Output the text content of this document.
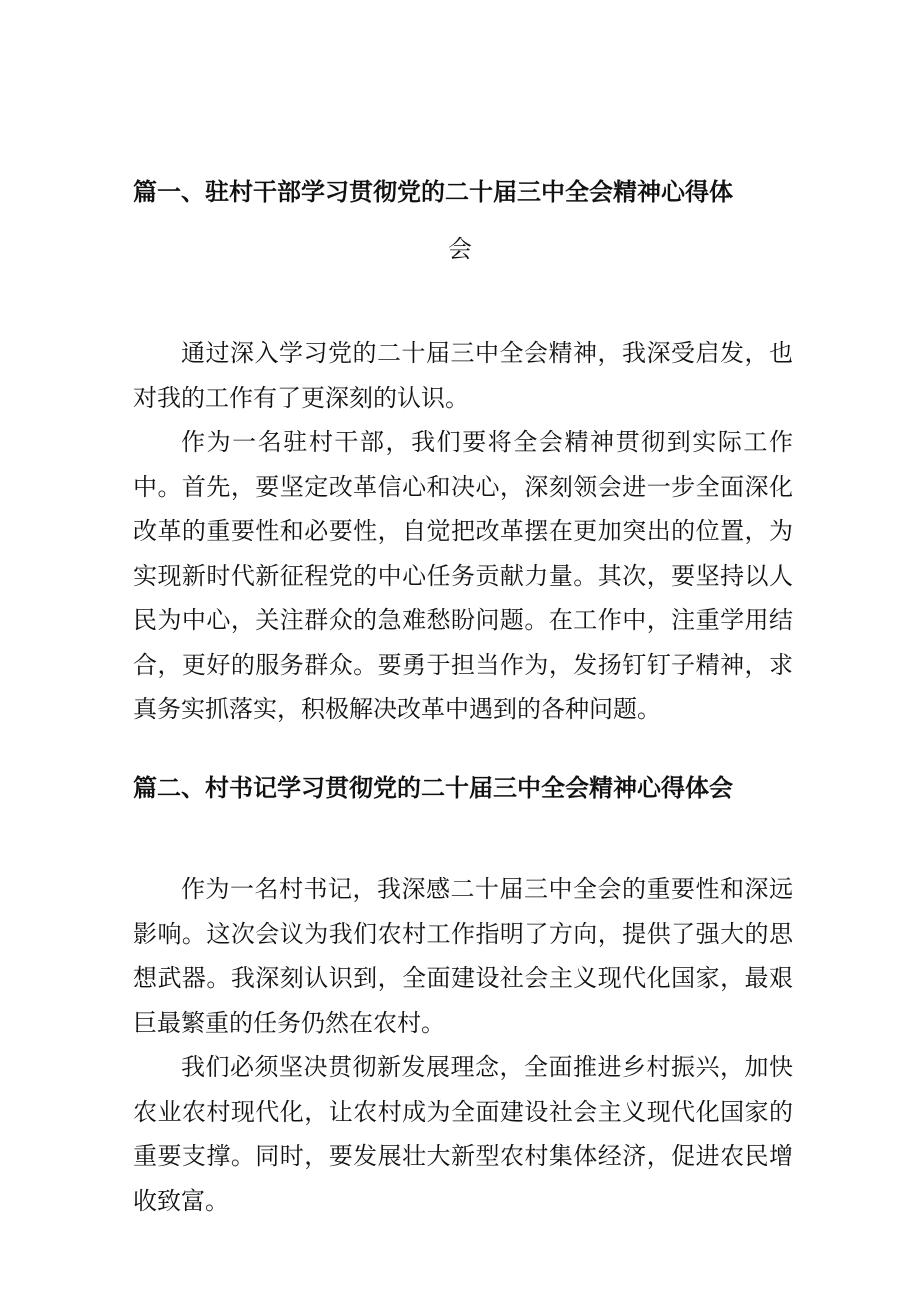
篇一、驻村干部学习贯彻党的二十届三中全会精神心得体
会

通过深入学习党的二十届三中全会精神，我深受启发，也对我的工作有了更深刻的认识。

作为一名驻村干部，我们要将全会精神贯彻到实际工作中。首先，要坚定改革信心和决心，深刻领会进一步全面深化改革的重要性和必要性，自觉把改革摆在更加突出的位置，为实现新时代新征程党的中心任务贡献力量。其次，要坚持以人民为中心，关注群众的急难愁盼问题。在工作中，注重学用结合，更好的服务群众。要勇于担当作为，发扬钉钉子精神，求真务实抓落实，积极解决改革中遇到的各种问题。

篇二、村书记学习贯彻党的二十届三中全会精神心得体会

作为一名村书记，我深感二十届三中全会的重要性和深远影响。这次会议为我们农村工作指明了方向，提供了强大的思想武器。我深刻认识到，全面建设社会主义现代化国家，最艰巨最繁重的任务仍然在农村。

我们必须坚决贯彻新发展理念，全面推进乡村振兴，加快农业农村现代化，让农村成为全面建设社会主义现代化国家的重要支撑。同时，要发展壮大新型农村集体经济，促进农民增收致富。
